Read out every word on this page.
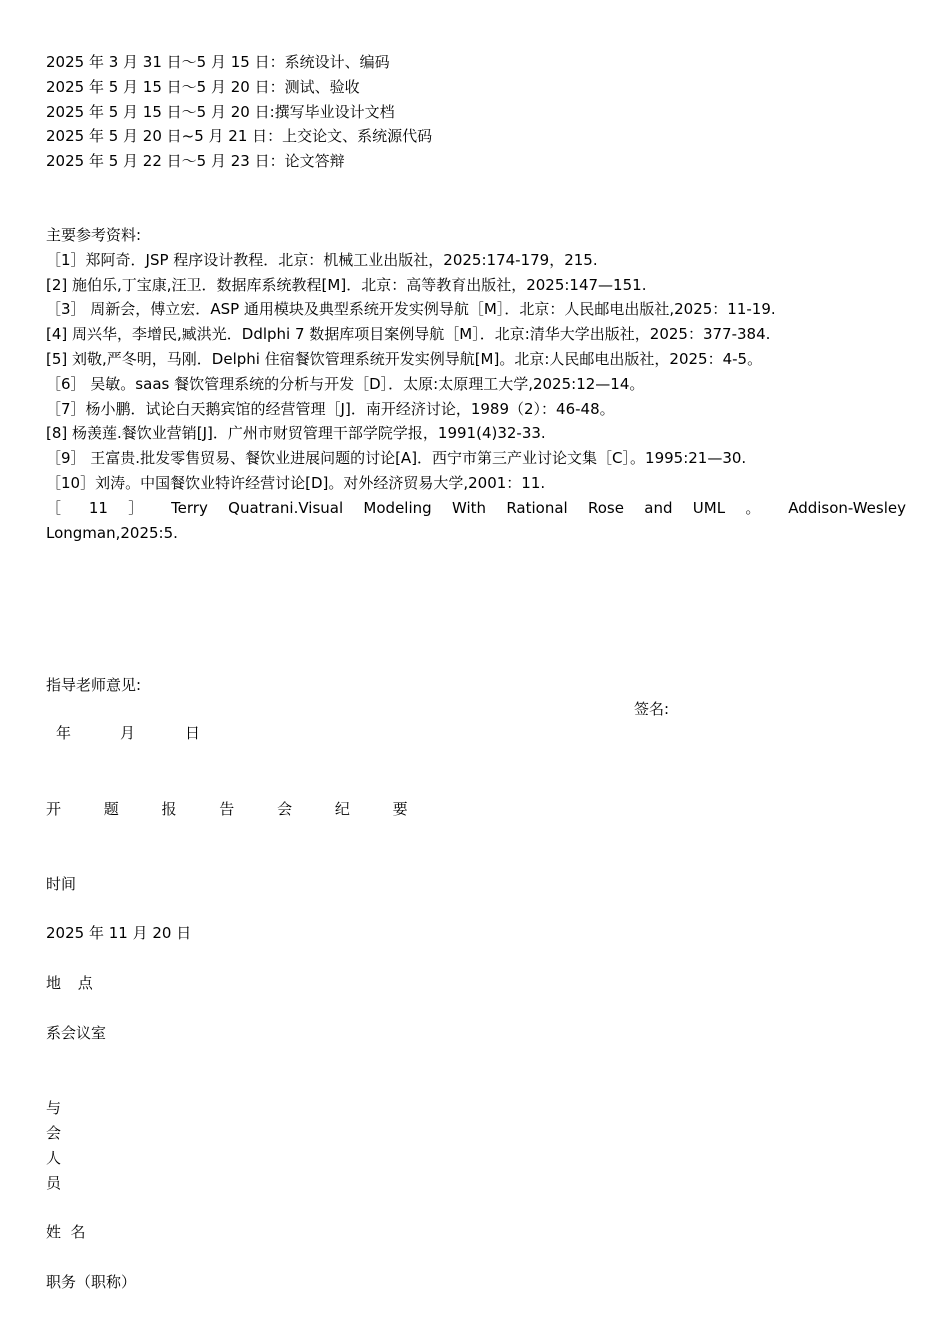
2025 年 3 月 31 日～5 月 15 日：系统设计、编码
2025 年 5 月 15 日～5 月 20 日：测试、验收
2025 年 5 月 15 日～5 月 20 日:撰写毕业设计文档
2025 年 5 月 20 日~5 月 21 日：上交论文、系统源代码
2025 年 5 月 22 日～5 月 23 日：论文答辩
主要参考资料:
［1］郑阿奇．JSP 程序设计教程．北京：机械工业出版社，2025:174-179，215.
[2] 施伯乐,丁宝康,汪卫．数据库系统教程[M]．北京：高等教育出版社，2025:147—151.
［3］ 周新会，傅立宏．ASP 通用模块及典型系统开发实例导航［M］．北京：人民邮电出版社,2025：11-19.
[4] 周兴华，李增民,臧洪光．Ddlphi 7 数据库项目案例导航［M］．北京:清华大学出版社，2025：377-384.
[5] 刘敬,严冬明，马刚．Delphi 住宿餐饮管理系统开发实例导航[M]。北京:人民邮电出版社，2025：4-5。
［6］ 吴敏。saas 餐饮管理系统的分析与开发［D］．太原:太原理工大学,2025:12—14。
［7］杨小鹏．试论白天鹅宾馆的经营管理［J]．南开经济讨论，1989（2）：46-48。
[8] 杨羡莲.餐饮业营销[J]．广州市财贸管理干部学院学报，1991(4)32-33.
［9］ 王富贵.批发零售贸易、餐饮业进展问题的讨论[A]．西宁市第三产业讨论文集［C］。1995:21—30.
［10］刘涛。中国餐饮业特许经营讨论[D]。对外经济贸易大学,2001：11.
［ 11 ］ Terry Quatrani.Visual Modeling With Rational Rose and UML 。 Addison-Wesley Longman,2025:5.
指导老师意见:
签名:
年	月	日
开 题 报 告 会 纪 要
时间
2025 年 11 月 20 日
地 点
系会议室
与
会
人
员
姓  名
职务（职称）
